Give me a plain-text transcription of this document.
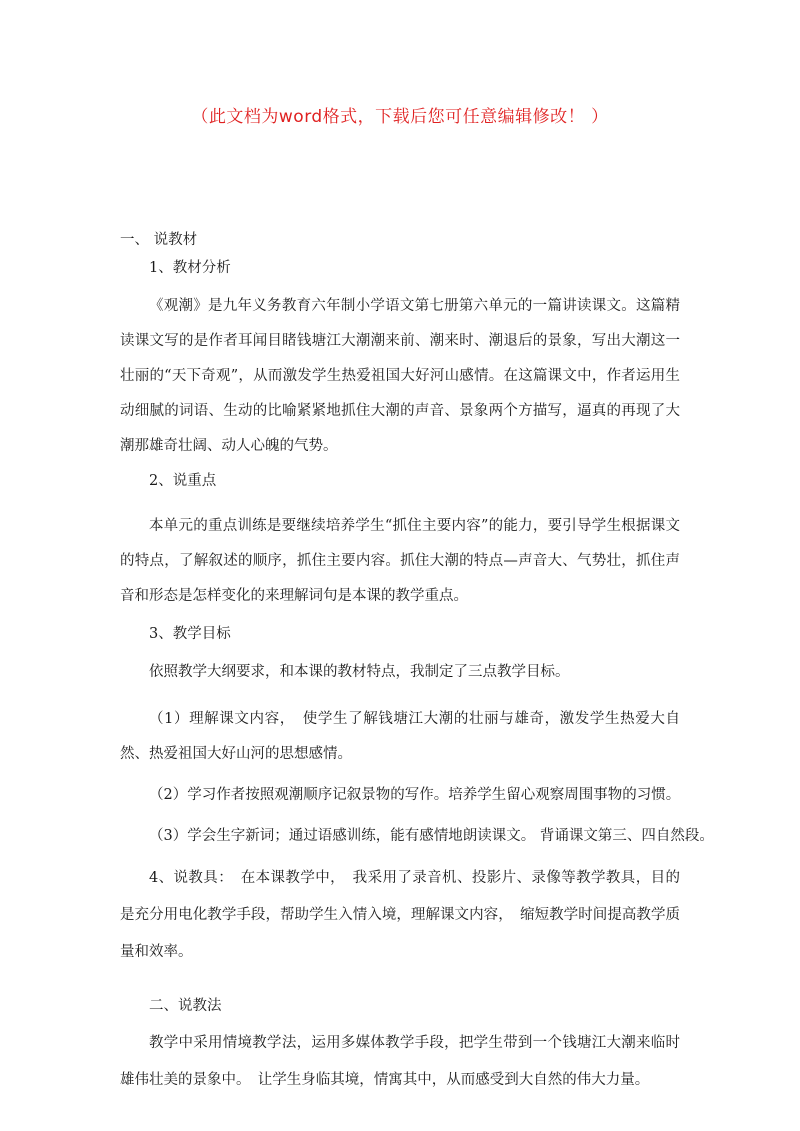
（此文档为word格式，下载后您可任意编辑修改！ ）
一、 说教材
1、教材分析
《观潮》是九年义务教育六年制小学语文第七册第六单元的一篇讲读课文。这篇精读课文写的是作者耳闻目睹钱塘江大潮潮来前、潮来时、潮退后的景象，写出大潮这一壮丽的“天下奇观”，从而激发学生热爱祖国大好河山感情。在这篇课文中，作者运用生动细腻的词语、生动的比喻紧紧地抓住大潮的声音、景象两个方描写，逼真的再现了大潮那雄奇壮阔、动人心魄的气势。
2、说重点
本单元的重点训练是要继续培养学生“抓住主要内容”的能力，要引导学生根据课文的特点，了解叙述的顺序，抓住主要内容。抓住大潮的特点—声音大、气势壮，抓住声音和形态是怎样变化的来理解词句是本课的教学重点。
3、教学目标
依照教学大纲要求，和本课的教材特点，我制定了三点教学目标。
（1）理解课文内容，　使学生了解钱塘江大潮的壮丽与雄奇，激发学生热爱大自然、热爱祖国大好山河的思想感情。
（2）学习作者按照观潮顺序记叙景物的写作。培养学生留心观察周围事物的习惯。
（3）学会生字新词；通过语感训练，能有感情地朗读课文。 背诵课文第三、四自然段。
4、说教具：　在本课教学中，　我采用了录音机、投影片、录像等教学教具，目的是充分用电化教学手段，帮助学生入情入境，理解课文内容，　缩短教学时间提高教学质量和效率。
二、说教法
教学中采用情境教学法，运用多媒体教学手段，把学生带到一个钱塘江大潮来临时雄伟壮美的景象中。　让学生身临其境，情寓其中，从而感受到大自然的伟大力量。
